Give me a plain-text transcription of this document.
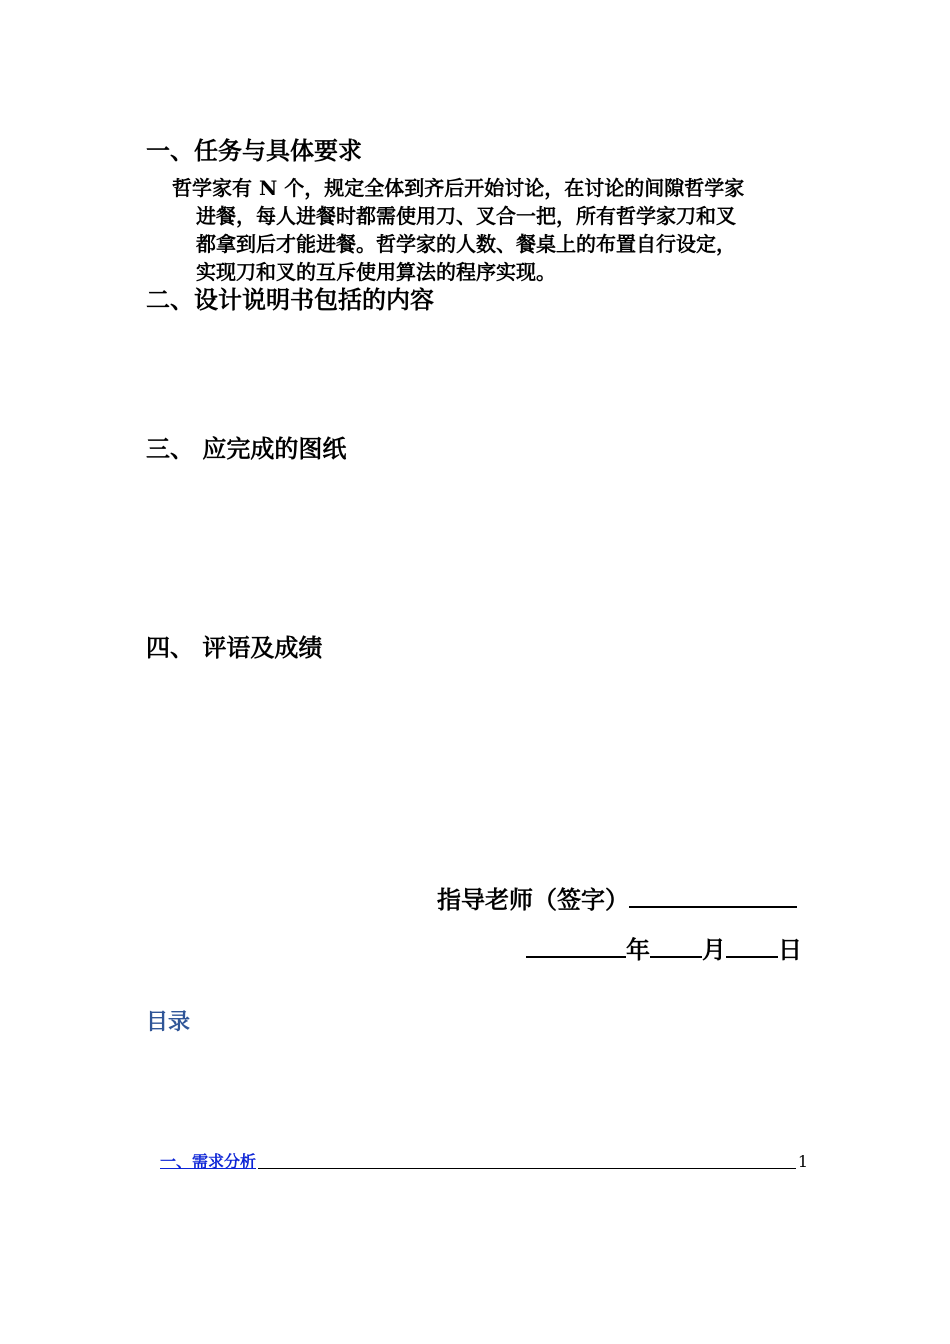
一、任务与具体要求
哲学家有 N 个，规定全体到齐后开始讨论，在讨论的间隙哲学家
进餐，每人进餐时都需使用刀、叉合一把，所有哲学家刀和叉
都拿到后才能进餐。哲学家的人数、餐桌上的布置自行设定，
实现刀和叉的互斥使用算法的程序实现。
二、设计说明书包括的内容
三、 应完成的图纸
四、 评语及成绩
指导老师（签字）
年 月 日
目录
一、需求分析	1
